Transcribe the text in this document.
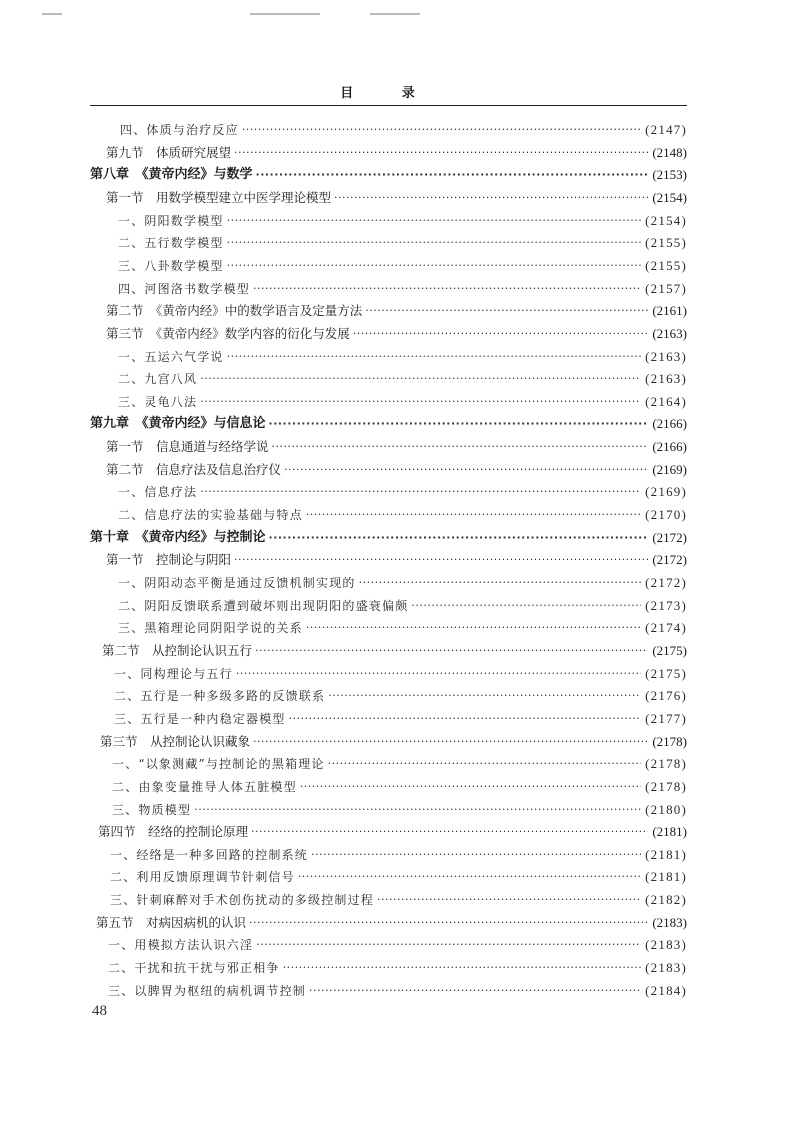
目 录
四、体质与治疗反应 ·····	(2147)
第九节　体质研究展望 ·····	(2148)
第八章　《黄帝内经》与数学 ·····	(2153)
第一节　用数学模型建立中医学理论模型 ·····	(2154)
一、阴阳数学模型 ·····	(2154)
二、五行数学模型 ·····	(2155)
三、八卦数学模型 ·····	(2155)
四、河图洛书数学模型 ·····	(2157)
第二节　《黄帝内经》中的数学语言及定量方法 ·····	(2161)
第三节　《黄帝内经》数学内容的衍化与发展 ·····	(2163)
一、五运六气学说 ·····	(2163)
二、九宫八风 ·····	(2163)
三、灵龟八法 ·····	(2164)
第九章　《黄帝内经》与信息论 ·····	(2166)
第一节　信息通道与经络学说 ·····	(2166)
第二节　信息疗法及信息治疗仪 ·····	(2169)
一、信息疗法 ·····	(2169)
二、信息疗法的实验基础与特点 ·····	(2170)
第十章　《黄帝内经》与控制论 ·····	(2172)
第一节　控制论与阴阳 ·····	(2172)
一、阴阳动态平衡是通过反馈机制实现的 ·····	(2172)
二、阴阳反馈联系遭到破坏则出现阴阳的盛衰偏颇 ·····	(2173)
三、黑箱理论同阴阳学说的关系 ·····	(2174)
第二节　从控制论认识五行 ·····	(2175)
一、同构理论与五行 ·····	(2175)
二、五行是一种多级多路的反馈联系 ·····	(2176)
三、五行是一种内稳定器模型 ·····	(2177)
第三节　从控制论认识藏象 ·····	(2178)
一、“以象测藏”与控制论的黑箱理论 ·····	(2178)
二、由象变量推导人体五脏模型 ·····	(2178)
三、物质模型 ·····	(2180)
第四节　经络的控制论原理 ·····	(2181)
一、经络是一种多回路的控制系统 ·····	(2181)
二、利用反馈原理调节针刺信号 ·····	(2181)
三、针刺麻醉对手术创伤扰动的多级控制过程 ·····	(2182)
第五节　对病因病机的认识 ·····	(2183)
一、用模拟方法认识六淫 ·····	(2183)
二、干扰和抗干扰与邪正相争 ·····	(2183)
三、以脾胃为枢纽的病机调节控制 ·····	(2184)
48
